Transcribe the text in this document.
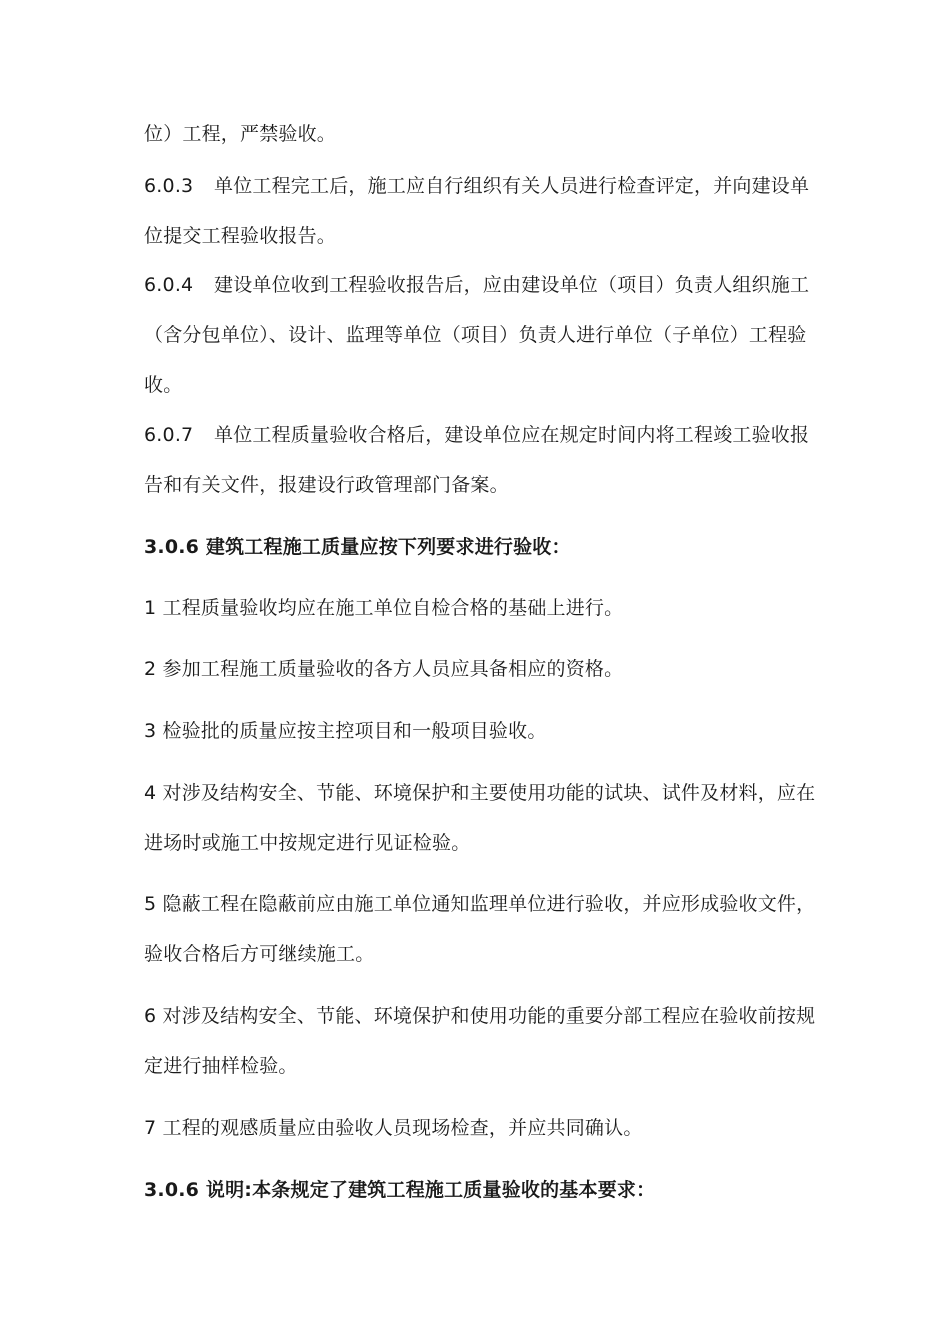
位）工程，严禁验收。
6.0.3 单位工程完工后，施工应自行组织有关人员进行检查评定，并向建设单
位提交工程验收报告。
6.0.4 建设单位收到工程验收报告后，应由建设单位（项目）负责人组织施工
（含分包单位）、设计、监理等单位（项目）负责人进行单位（子单位）工程验
收。
6.0.7 单位工程质量验收合格后，建设单位应在规定时间内将工程竣工验收报
告和有关文件，报建设行政管理部门备案。
3.0.6 建筑工程施工质量应按下列要求进行验收：
1 工程质量验收均应在施工单位自检合格的基础上进行。
2 参加工程施工质量验收的各方人员应具备相应的资格。
3 检验批的质量应按主控项目和一般项目验收。
4 对涉及结构安全、节能、环境保护和主要使用功能的试块、试件及材料，应在
进场时或施工中按规定进行见证检验。
5 隐蔽工程在隐蔽前应由施工单位通知监理单位进行验收，并应形成验收文件，
验收合格后方可继续施工。
6 对涉及结构安全、节能、环境保护和使用功能的重要分部工程应在验收前按规
定进行抽样检验。
7 工程的观感质量应由验收人员现场检查，并应共同确认。
3.0.6 说明:本条规定了建筑工程施工质量验收的基本要求：
